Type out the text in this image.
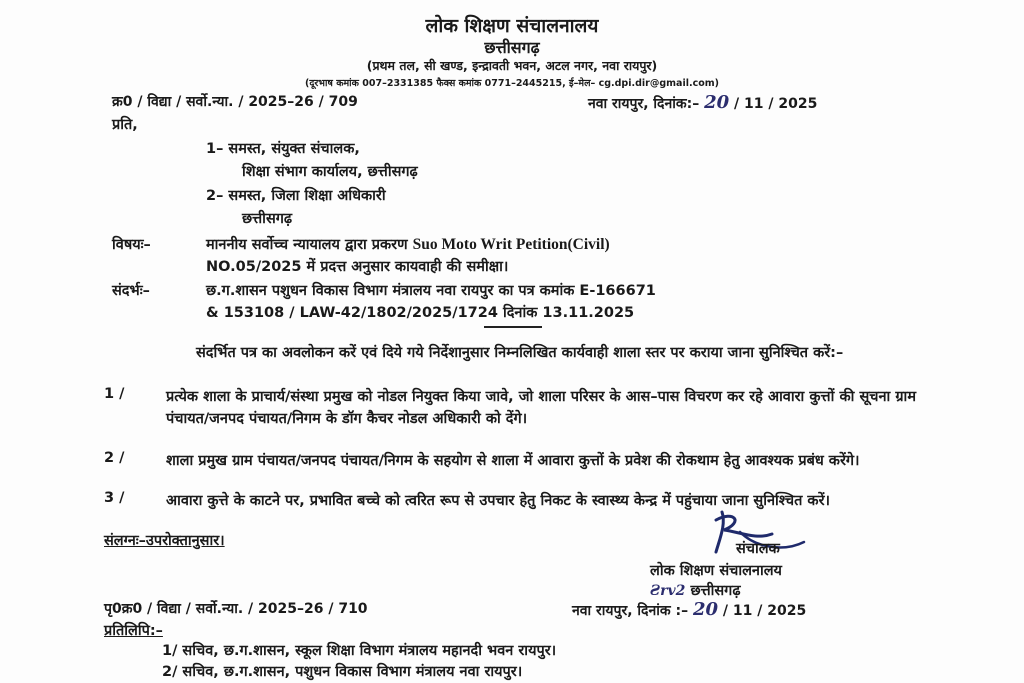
लोक शिक्षण संचालनालय
छत्तीसगढ़
(प्रथम तल, सी खण्ड, इन्द्रावती भवन, अटल नगर, नवा रायपुर)
(दूरभाष कमांक 007–2331385 फैक्स कमांक 0771–2445215, ई–मेल– cg.dpi.dir@gmail.com)
क्र0 / विद्या / सर्वो.न्या. / 2025–26 / 709	नवा रायपुर, दिनांक:– 20 / 11 / 2025
प्रति,
1– समस्त, संयुक्त संचालक,
शिक्षा संभाग कार्यालय, छत्तीसगढ़
2– समस्त, जिला शिक्षा अधिकारी
छत्तीसगढ़
विषयः–	माननीय सर्वोच्च न्यायालय द्वारा प्रकरण Suo Moto Writ Petition(Civil)
NO.05/2025 में प्रदत्त अनुसार कायवाही की समीक्षा।
संदर्भः–	छ.ग.शासन पशुधन विकास विभाग मंत्रालय नवा रायपुर का पत्र कमांक E-166671
& 153108 / LAW-42/1802/2025/1724 दिनांक 13.11.2025
संदर्भित पत्र का अवलोकन करें एवं दिये गये निर्देशानुसार निम्नलिखित कार्यवाही शाला स्तर पर कराया जाना सुनिश्चित करें:–
1 /	प्रत्येक शाला के प्राचार्य/संस्था प्रमुख को नोडल नियुक्त किया जावे, जो शाला परिसर के आस–पास विचरण कर रहे आवारा कुत्तों की सूचना ग्राम पंचायत/जनपद पंचायत/निगम के डॉग कैचर नोडल अधिकारी को देंगे।
2 /	शाला प्रमुख ग्राम पंचायत/जनपद पंचायत/निगम के सहयोग से शाला में आवारा कुत्तों के प्रवेश की रोकथाम हेतु आवश्यक प्रबंध करेंगे।
3 /	आवारा कुत्ते के काटने पर, प्रभावित बच्चे को त्वरित रूप से उपचार हेतु निकट के स्वास्थ्य केन्द्र में पहुंचाया जाना सुनिश्चित करें।
संलग्नः–उपरोक्तानुसार।	संचालक
लोक शिक्षण संचालनालय
Ƨrv2 छत्तीसगढ़
पृ0क्र0 / विद्या / सर्वो.न्या. / 2025–26 / 710	नवा रायपुर, दिनांक :– 20 / 11 / 2025
प्रतिलिपि:–
1/ सचिव, छ.ग.शासन, स्कूल शिक्षा विभाग मंत्रालय महानदी भवन रायपुर।
2/ सचिव, छ.ग.शासन, पशुधन विकास विभाग मंत्रालय नवा रायपुर।
